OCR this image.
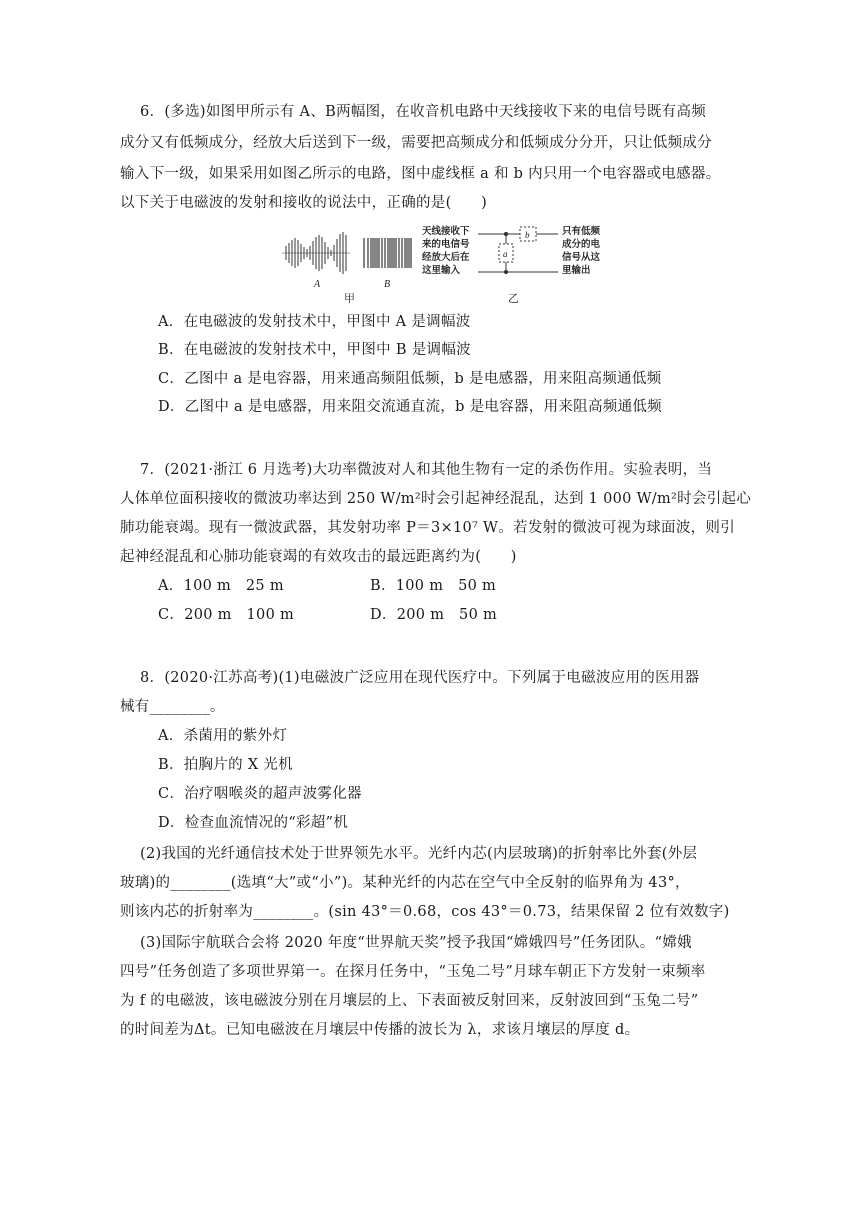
6．(多选)如图甲所示有 A、B两幅图，在收音机电路中天线接收下来的电信号既有高频
成分又有低频成分，经放大后送到下一级，需要把高频成分和低频成分分开，只让低频成分
输入下一级，如果采用如图乙所示的电路，图中虚线框 a 和 b 内只用一个电容器或电感器。
以下关于电磁波的发射和接收的说法中，正确的是(　　)
a
b
A	B
甲	乙
天线接收下
来的电信号
经放大后在
这里输入
只有低频
成分的电
信号从这
里输出
A．在电磁波的发射技术中，甲图中 A 是调幅波
B．在电磁波的发射技术中，甲图中 B 是调幅波
C．乙图中 a 是电容器，用来通高频阻低频，b 是电感器，用来阻高频通低频
D．乙图中 a 是电感器，用来阻交流通直流，b 是电容器，用来阻高频通低频
7．(2021·浙江 6 月选考)大功率微波对人和其他生物有一定的杀伤作用。实验表明，当
人体单位面积接收的微波功率达到 250 W/m²时会引起神经混乱，达到 1 000 W/m²时会引起心
肺功能衰竭。现有一微波武器，其发射功率 P＝3×10⁷ W。若发射的微波可视为球面波，则引
起神经混乱和心肺功能衰竭的有效攻击的最远距离约为(　　)
A．100 m　25 m	B．100 m　50 m
C．200 m　100 m	D．200 m　50 m
8．(2020·江苏高考)(1)电磁波广泛应用在现代医疗中。下列属于电磁波应用的医用器
械有________。
A．杀菌用的紫外灯
B．拍胸片的 X 光机
C．治疗咽喉炎的超声波雾化器
D．检查血流情况的“彩超”机
(2)我国的光纤通信技术处于世界领先水平。光纤内芯(内层玻璃)的折射率比外套(外层
玻璃)的________(选填“大”或“小”)。某种光纤的内芯在空气中全反射的临界角为 43°，
则该内芯的折射率为________。(sin 43°＝0.68，cos 43°＝0.73，结果保留 2 位有效数字)
(3)国际宇航联合会将 2020 年度“世界航天奖”授予我国“嫦娥四号”任务团队。“嫦娥
四号”任务创造了多项世界第一。在探月任务中，“玉兔二号”月球车朝正下方发射一束频率
为 f 的电磁波，该电磁波分别在月壤层的上、下表面被反射回来，反射波回到“玉兔二号”
的时间差为Δt。已知电磁波在月壤层中传播的波长为 λ，求该月壤层的厚度 d。
